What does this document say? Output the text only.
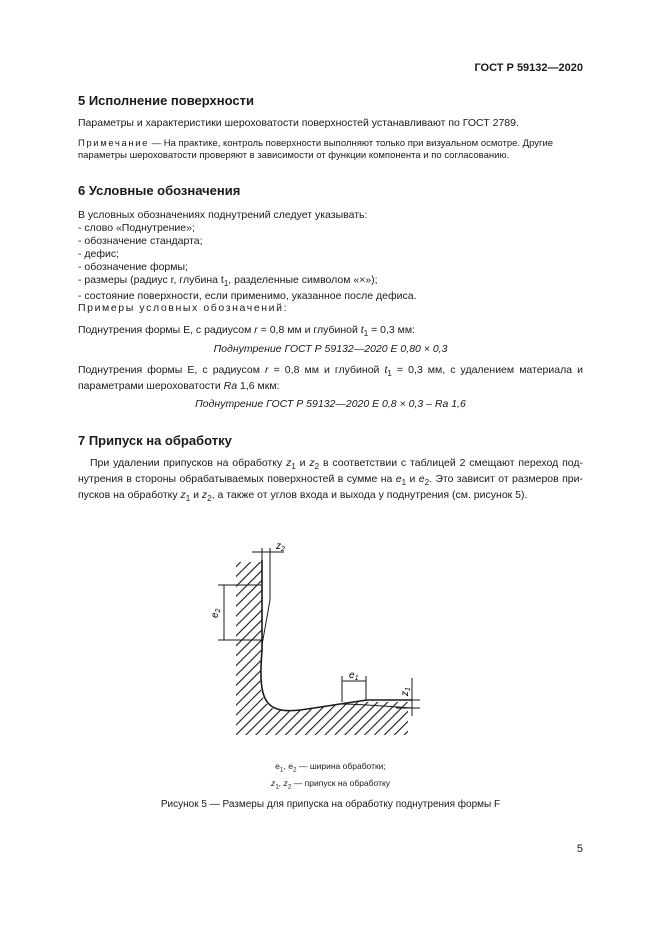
ГОСТ Р 59132—2020
5 Исполнение поверхности
Параметры и характеристики шероховатости поверхностей устанавливают по ГОСТ 2789.
Примечание — На практике, контроль поверхности выполняют только при визуальном осмотре. Другие
параметры шероховатости проверяют в зависимости от функции компонента и по согласованию.
6 Условные обозначения
В условных обозначениях поднутрений следует указывать:
- слово «Поднутрение»;
- обозначение стандарта;
- дефис;
- обозначение формы;
- размеры (радиус r, глубина $t_1$, разделенные символом «×»);
- состояние поверхности, если применимо, указанное после дефиса.
Примеры условных обозначений:
Поднутрения формы Е, с радиусом r = 0,8 мм и глубиной $t_1 = 0,3$ мм:
Поднутрение ГОСТ Р 59132—2020 Е 0,80 × 0,3
Поднутрения формы Е, с радиусом r = 0,8 мм и глубиной $t_1 = 0,3$ мм, с удалением материала и
параметрами шероховатости Ra 1,6 мкм:
Поднутрение ГОСТ Р 59132—2020 Е 0,8 × 0,3 – Ra 1,6
7 Припуск на обработку
При удалении припусков на обработку $z_1$ и $z_2$ в соответствии с таблицей 2 смещают переход под-
нутрения в стороны обрабатываемых поверхностей в сумме на $e_1$ и $e_2$. Это зависит от размеров при-
пусков на обработку $z_1$ и $z_2$, а также от углов входа и выхода у поднутрения (см. рисунок 5).
$z_2$
$e_2$
$e_1$
$z_1$
$e_1$, $e_2$ — ширина обработки;
$z_1$, $z_2$ — припуск на обработку
Рисунок 5 — Размеры для припуска на обработку поднутрения формы F
5
